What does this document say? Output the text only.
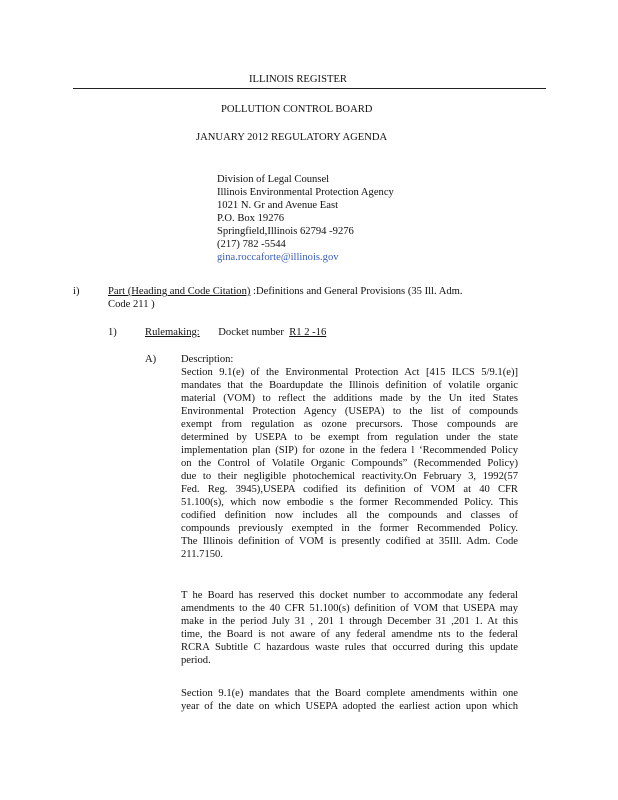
ILLINOIS REGISTER
POLLUTION CONTROL BOARD
JANUARY 2012 REGULATORY AGENDA
Division of Legal Counsel
Illinois Environmental Protection Agency
1021 N. Gr and Avenue East
P.O. Box 19276
Springfield,Illinois 62794 -9276
(217) 782 -5544
gina.roccaforte@illinois.gov
i)	Part (Heading and Code Citation) :Definitions and General Provisions (35 Ill. Adm.
Code 211 )
1)	Rulemaking: Docket number R1 2 -16
A) Description:
Section 9.1(e) of the Environmental Protection Act [415 ILCS 5/9.1(e)]
mandates that the Boardupdate the Illinois definition of volatile organic
material (VOM) to reflect the additions made by the Un ited States
Environmental Protection Agency (USEPA) to the list of compounds
exempt from regulation as ozone precursors. Those compounds are
determined by USEPA to be exempt from regulation under the state
implementation plan (SIP) for ozone in the federa l ‘Recommended Policy
on the Control of Volatile Organic Compounds” (Recommended Policy)
due to their negligible photochemical reactivity.On February 3, 1992(57
Fed. Reg. 3945),USEPA codified its definition of VOM at 40 CFR
51.100(s), which now embodie s the former Recommended Policy. This
codified definition now includes all the compounds and classes of
compounds previously exempted in the former Recommended Policy.
The Illinois definition of VOM is presently codified at 35Ill. Adm. Code
211.7150.
T he Board has reserved this docket number to accommodate any federal
amendments to the 40 CFR 51.100(s) definition of VOM that USEPA may
make in the period July 31 , 201 1 through December 31 ,201 1. At this
time, the Board is not aware of any federal amendme nts to the federal
RCRA Subtitle C hazardous waste rules that occurred during this update
period.
Section 9.1(e) mandates that the Board complete amendments within one
year of the date on which USEPA adopted the earliest action upon which
